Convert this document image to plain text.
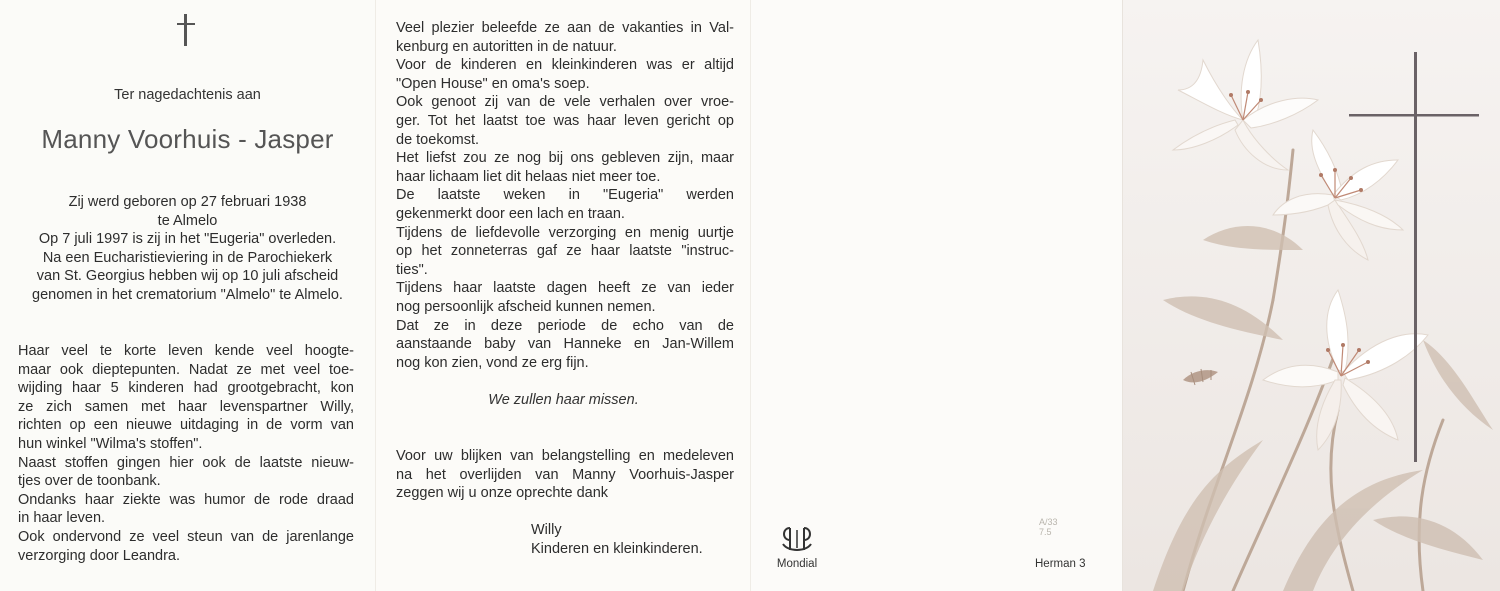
Ter nagedachtenis aan
Manny Voorhuis - Jasper
Zij werd geboren op 27 februari 1938
te Almelo
Op 7 juli 1997 is zij in het "Eugeria" overleden.
Na een Eucharistieviering in de Parochiekerk
van St. Georgius hebben wij op 10 juli afscheid
genomen in het crematorium "Almelo" te Almelo.
Haar veel te korte leven kende veel hoogte-
maar ook dieptepunten. Nadat ze met veel toe-
wijding haar 5 kinderen had grootgebracht, kon
ze zich samen met haar levenspartner Willy,
richten op een nieuwe uitdaging in de vorm van
hun winkel "Wilma's stoffen".
Naast stoffen gingen hier ook de laatste nieuw-
tjes over de toonbank.
Ondanks haar ziekte was humor de rode draad
in haar leven.
Ook ondervond ze veel steun van de jarenlange
verzorging door Leandra.
Veel plezier beleefde ze aan de vakanties in Val-
kenburg en autoritten in de natuur.
Voor de kinderen en kleinkinderen was er altijd
"Open House" en oma's soep.
Ook genoot zij van de vele verhalen over vroe-
ger. Tot het laatst toe was haar leven gericht op
de toekomst.
Het liefst zou ze nog bij ons gebleven zijn, maar
haar lichaam liet dit helaas niet meer toe.
De laatste weken in "Eugeria" werden
gekenmerkt door een lach en traan.
Tijdens de liefdevolle verzorging en menig uurtje
op het zonneterras gaf ze haar laatste "instruc-
ties".
Tijdens haar laatste dagen heeft ze van ieder
nog persoonlijk afscheid kunnen nemen.
Dat ze in deze periode de echo van de
aanstaande baby van Hanneke en Jan-Willem
nog kon zien, vond ze erg fijn.
We zullen haar missen.
Voor uw blijken van belangstelling en medeleven
na het overlijden van Manny Voorhuis-Jasper
zeggen wij u onze oprechte dank
Willy
Kinderen en kleinkinderen.
Mondial
A/33
7.5
Herman 3
